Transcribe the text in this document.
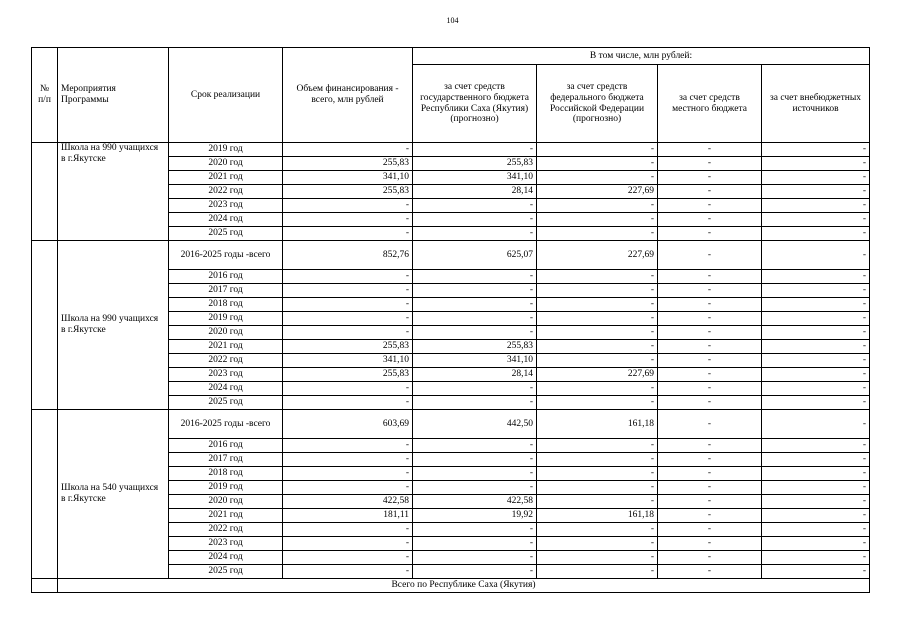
104
№ п/п	Мероприятия Программы	Срок реализации	Объем финансирования - всего, млн рублей	В том числе, млн рублей:			
				за счет средств государственного бюджета Республики Саха (Якутия) (прогнозно)	за счет средств федерального бюджета Российской Федерации (прогнозно)	за счет средств местного бюджета	за счет внебюджетных источников
	Школа на 990 учащихся в г.Якутске	2019 год	-	-	-	-	-
		2020 год	255,83	255,83	-	-	-
		2021 год	341,10	341,10	-	-	-
		2022 год	255,83	28,14	227,69	-	-
		2023 год	-	-	-	-	-
		2024 год	-	-	-	-	-
		2025 год	-	-	-	-	-
	Школа на 990 учащихся в г.Якутске	2016-2025 годы -всего	852,76	625,07	227,69	-	-
		2016 год	-	-	-	-	-
		2017 год	-	-	-	-	-
		2018 год	-	-	-	-	-
		2019 год	-	-	-	-	-
		2020 год	-	-	-	-	-
		2021 год	255,83	255,83	-	-	-
		2022 год	341,10	341,10	-	-	-
		2023 год	255,83	28,14	227,69	-	-
		2024 год	-	-	-	-	-
		2025 год	-	-	-	-	-
	Школа на 540 учащихся в г.Якутске	2016-2025 годы -всего	603,69	442,50	161,18	-	-
		2016 год	-	-	-	-	-
		2017 год	-	-	-	-	-
		2018 год	-	-	-	-	-
		2019 год	-	-	-	-	-
		2020 год	422,58	422,58	-	-	-
		2021 год	181,11	19,92	161,18	-	-
		2022 год	-	-	-	-	-
		2023 год	-	-	-	-	-
		2024 год	-	-	-	-	-
		2025 год	-	-	-	-	-
	Всего по Республике Саха (Якутия)						
